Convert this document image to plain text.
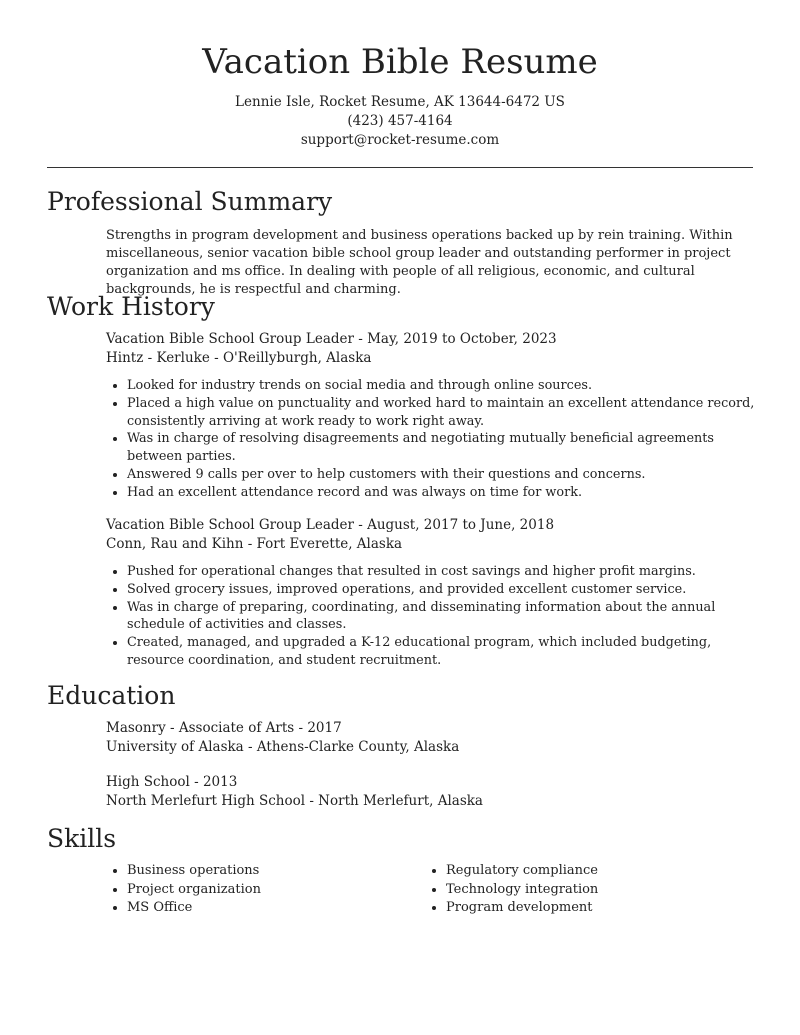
Vacation Bible Resume
Lennie Isle, Rocket Resume, AK 13644-6472 US
(423) 457-4164
support@rocket-resume.com
Professional Summary

Strengths in program development and business operations backed up by rein training. Within miscellaneous, senior vacation bible school group leader and outstanding performer in project organization and ms office. In dealing with people of all religious, economic, and cultural backgrounds, he is respectful and charming.

Work History
Vacation Bible School Group Leader - May, 2019 to October, 2023
Hintz - Kerluke - O'Reillyburgh, Alaska
• Looked for industry trends on social media and through online sources.
• Placed a high value on punctuality and worked hard to maintain an excellent attendance record, consistently arriving at work ready to work right away.
• Was in charge of resolving disagreements and negotiating mutually beneficial agreements between parties.
• Answered 9 calls per over to help customers with their questions and concerns.
• Had an excellent attendance record and was always on time for work.
Vacation Bible School Group Leader - August, 2017 to June, 2018
Conn, Rau and Kihn - Fort Everette, Alaska
• Pushed for operational changes that resulted in cost savings and higher profit margins.
• Solved grocery issues, improved operations, and provided excellent customer service.
• Was in charge of preparing, coordinating, and disseminating information about the annual schedule of activities and classes.
• Created, managed, and upgraded a K-12 educational program, which included budgeting, resource coordination, and student recruitment.
Education
Masonry - Associate of Arts - 2017
University of Alaska - Athens-Clarke County, Alaska
High School - 2013
North Merlefurt High School - North Merlefurt, Alaska
Skills
• Business operations
• Project organization
• MS Office
• Regulatory compliance
• Technology integration
• Program development
